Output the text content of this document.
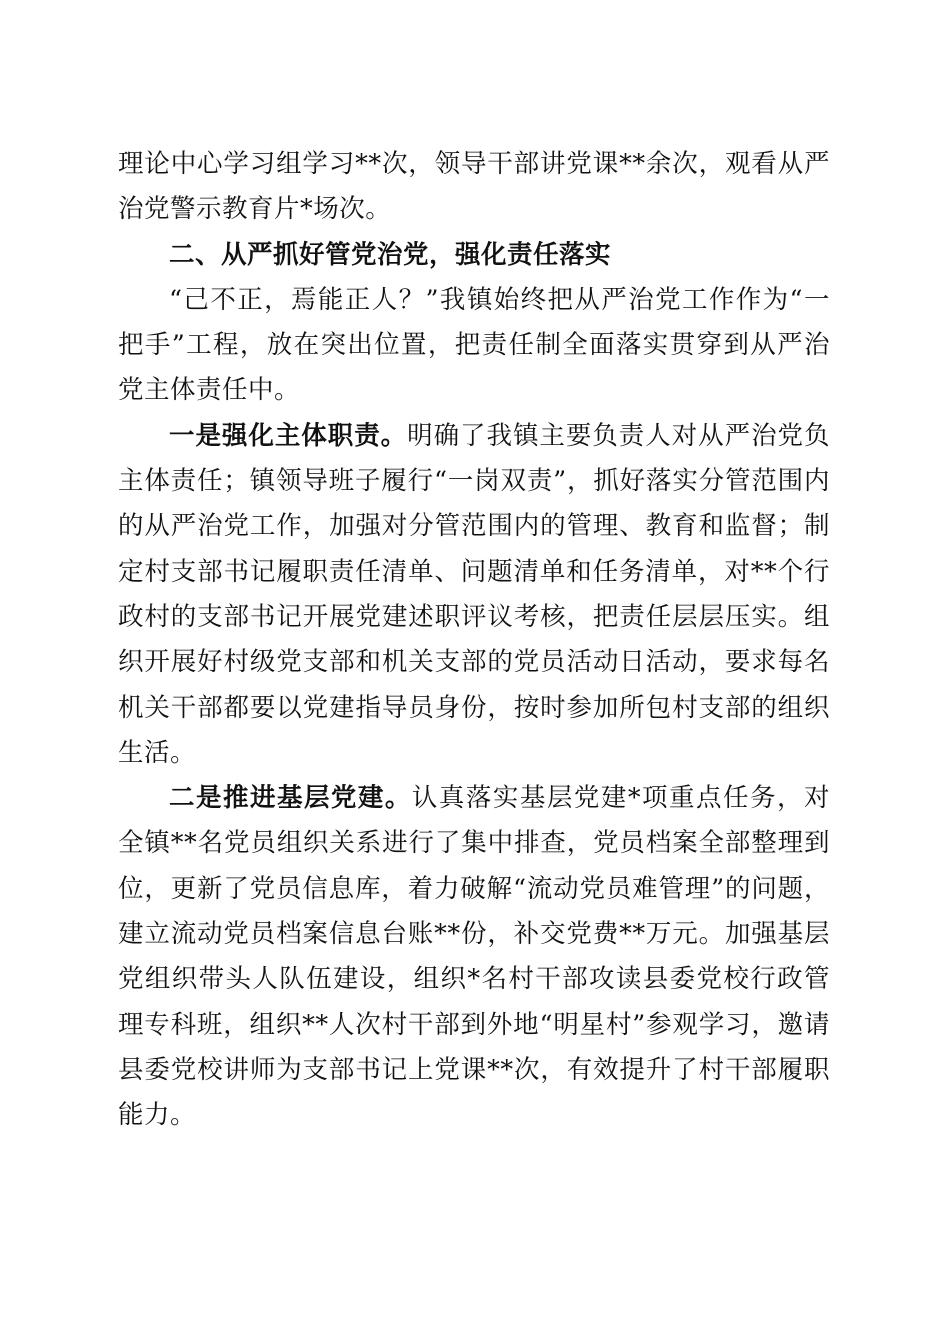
理论中心学习组学习**次，领导干部讲党课**余次，观看从严治党警示教育片*场次。

二、从严抓好管党治党，强化责任落实

“己不正，焉能正人？”我镇始终把从严治党工作作为“一把手”工程，放在突出位置，把责任制全面落实贯穿到从严治党主体责任中。

一是强化主体职责。明确了我镇主要负责人对从严治党负主体责任；镇领导班子履行“一岗双责”，抓好落实分管范围内的从严治党工作，加强对分管范围内的管理、教育和监督；制定村支部书记履职责任清单、问题清单和任务清单，对**个行政村的支部书记开展党建述职评议考核，把责任层层压实。组织开展好村级党支部和机关支部的党员活动日活动，要求每名机关干部都要以党建指导员身份，按时参加所包村支部的组织生活。

二是推进基层党建。认真落实基层党建*项重点任务，对全镇**名党员组织关系进行了集中排查，党员档案全部整理到位，更新了党员信息库，着力破解“流动党员难管理”的问题，建立流动党员档案信息台账**份，补交党费**万元。加强基层党组织带头人队伍建设，组织*名村干部攻读县委党校行政管理专科班，组织**人次村干部到外地“明星村”参观学习，邀请县委党校讲师为支部书记上党课**次，有效提升了村干部履职能力。
